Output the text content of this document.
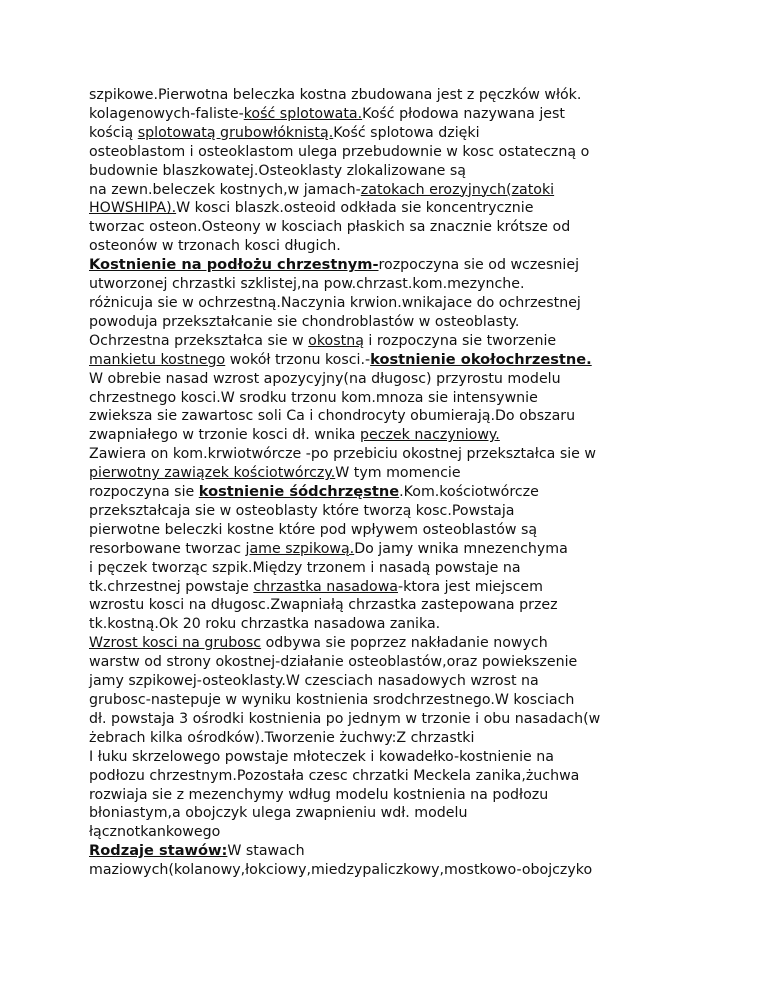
szpikowe.Pierwotna beleczka kostna zbudowana jest z pęczków włók.
kolagenowych-faliste-kość splotowata.Kość płodowa nazywana jest
kością splotowatą grubowłóknistą.Kość splotowa dzięki
osteoblastom i osteoklastom ulega przebudownie w kosc ostateczną o
budownie blaszkowatej.Osteoklasty zlokalizowane są
na zewn.beleczek kostnych,w jamach-zatokach erozyjnych(zatoki
HOWSHIPA).W kosci blaszk.osteoid odkłada sie koncentrycznie
tworzac osteon.Osteony w kosciach płaskich sa znacznie krótsze od
osteonów w trzonach kosci długich.
Kostnienie na podłożu chrzestnym-rozpoczyna sie od wczesniej
utworzonej chrzastki szklistej,na pow.chrzast.kom.mezynche.
różnicuja sie w ochrzestną.Naczynia krwion.wnikajace do ochrzestnej
powoduja przekształcanie sie chondroblastów w osteoblasty.
Ochrzestna przekształca sie w okostną i rozpoczyna sie tworzenie
mankietu kostnego wokół trzonu kosci.-kostnienie okołochrzestne.
W obrebie nasad wzrost apozycyjny(na długosc) przyrostu modelu
chrzestnego kosci.W srodku trzonu kom.mnoza sie intensywnie
zwieksza sie zawartosc soli Ca i chondrocyty obumierają.Do obszaru
zwapniałego w trzonie kosci dł. wnika peczek naczyniowy.
Zawiera on kom.krwiotwórcze -po przebiciu okostnej przekształca sie w
pierwotny zawiązek kościotwórczy.W tym momencie
rozpoczyna sie kostnienie śódchrzęstne.Kom.kościotwórcze
przekształcaja sie w osteoblasty które tworzą kosc.Powstaja
pierwotne beleczki kostne które pod wpływem osteoblastów są
resorbowane tworzac jame szpikową.Do jamy wnika mnezenchyma
i pęczek tworząc szpik.Między trzonem i nasadą powstaje na
tk.chrzestnej powstaje chrzastka nasadowa-ktora jest miejscem
wzrostu kosci na długosc.Zwapniałą chrzastka zastepowana przez
tk.kostną.Ok 20 roku chrzastka nasadowa zanika.
Wzrost kosci na grubosc odbywa sie poprzez nakładanie nowych
warstw od strony okostnej-działanie osteoblastów,oraz powiekszenie
jamy szpikowej-osteoklasty.W czesciach nasadowych wzrost na
grubosc-nastepuje w wyniku kostnienia srodchrzestnego.W kosciach
dł. powstaja 3 ośrodki kostnienia po jednym w trzonie i obu nasadach(w
żebrach kilka ośrodków).Tworzenie żuchwy:Z chrzastki
I łuku skrzelowego powstaje młoteczek i kowadełko-kostnienie na
podłozu chrzestnym.Pozostała czesc chrzatki Meckela zanika,żuchwa
rozwiaja sie z mezenchymy wdług modelu kostnienia na podłozu
błoniastym,a obojczyk ulega zwapnieniu wdł. modelu
łącznotkankowego
Rodzaje stawów:W stawach
maziowych(kolanowy,łokciowy,miedzypaliczkowy,mostkowo-obojczyko
